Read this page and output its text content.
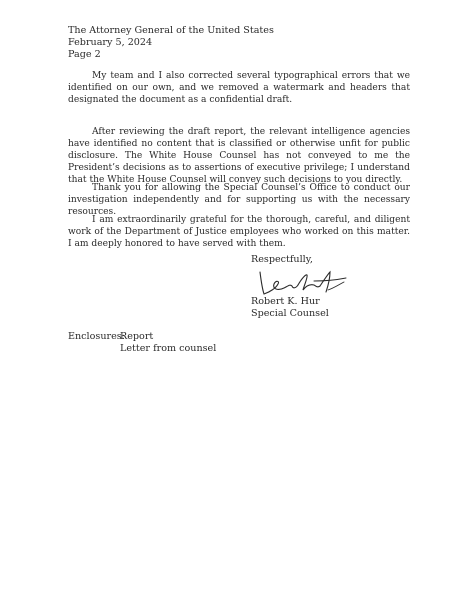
The Attorney General of the United States
February 5, 2024
Page 2
My team and I also corrected several typographical errors that we identified on our own, and we removed a watermark and headers that designated the document as a confidential draft.
After reviewing the draft report, the relevant intelligence agencies have identified no content that is classified or otherwise unfit for public disclosure. The White House Counsel has not conveyed to me the President’s decisions as to assertions of executive privilege; I understand that the White House Counsel will convey such decisions to you directly.
Thank you for allowing the Special Counsel’s Office to conduct our investigation independently and for supporting us with the necessary resources.
I am extraordinarily grateful for the thorough, careful, and diligent work of the Department of Justice employees who worked on this matter. I am deeply honored to have served with them.
Respectfully,
Robert K. Hur
Special Counsel
Enclosures:Report
Letter from counsel
